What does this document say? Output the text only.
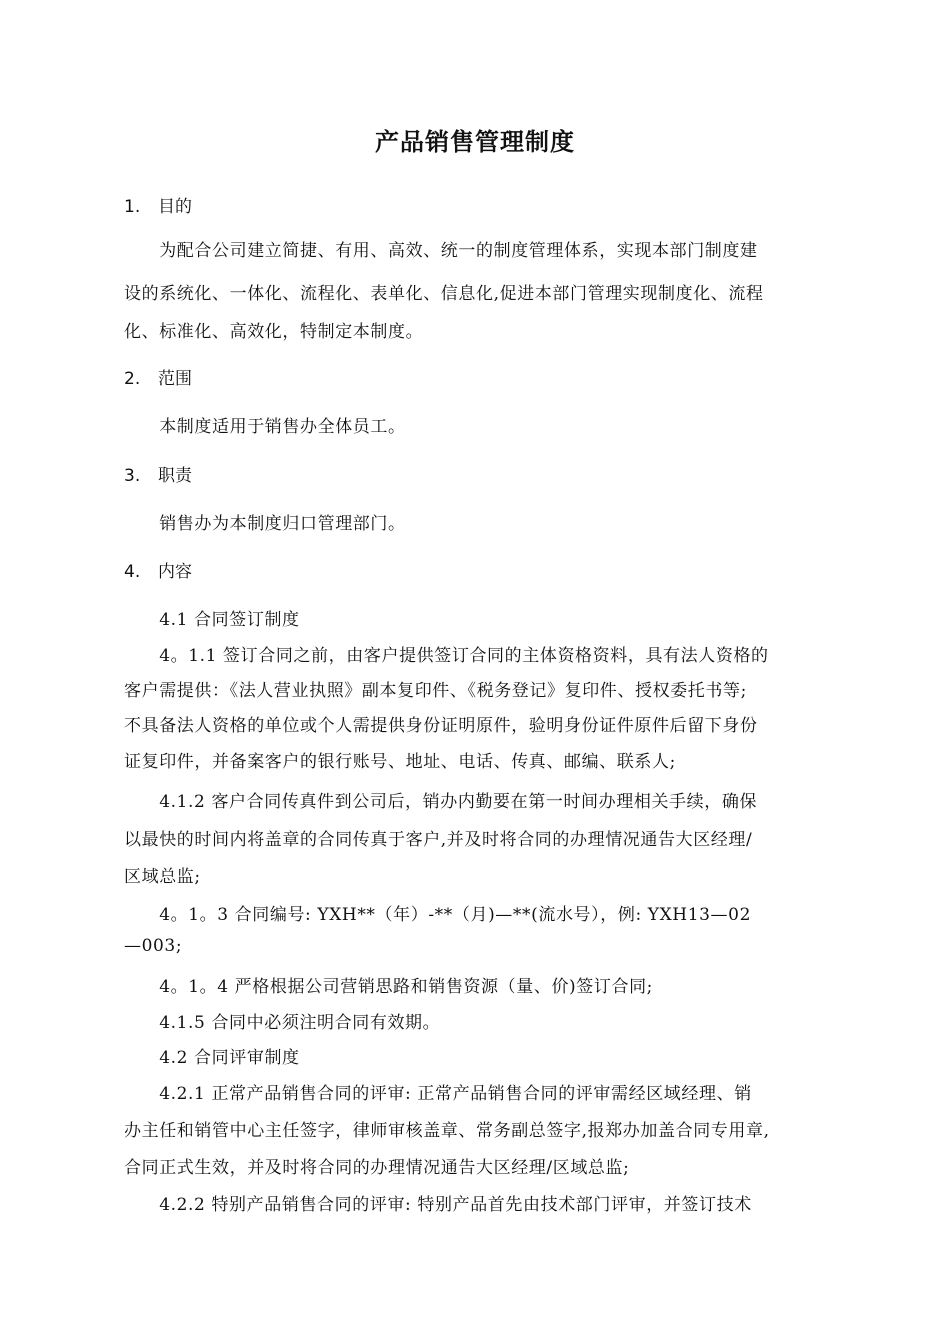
产品销售管理制度
1. 目的
　　为配合公司建立简捷、有用、高效、统一的制度管理体系，实现本部门制度建
设的系统化、一体化、流程化、表单化、信息化,促进本部门管理实现制度化、流程
化、标准化、高效化，特制定本制度。
2. 范围
　　本制度适用于销售办全体员工。
3. 职责
　　销售办为本制度归口管理部门。
4. 内容
　　4.1 合同签订制度
　　4。1.1 签订合同之前，由客户提供签订合同的主体资格资料，具有法人资格的
客户需提供：《法人营业执照》副本复印件、《税务登记》复印件、授权委托书等;
不具备法人资格的单位或个人需提供身份证明原件，验明身份证件原件后留下身份
证复印件，并备案客户的银行账号、地址、电话、传真、邮编、联系人;
　　4.1.2 客户合同传真件到公司后，销办内勤要在第一时间办理相关手续，确保
以最快的时间内将盖章的合同传真于客户,并及时将合同的办理情况通告大区经理/
区域总监;
　　4。1。3 合同编号: YXH**（年）-**（月)—**(流水号），例: YXH13—02
—003;
　　4。1。4 严格根据公司营销思路和销售资源（量、价)签订合同;
　　4.1.5 合同中必须注明合同有效期。
　　4.2 合同评审制度
　　4.2.1 正常产品销售合同的评审: 正常产品销售合同的评审需经区域经理、销
办主任和销管中心主任签字，律师审核盖章、常务副总签字,报郑办加盖合同专用章,
合同正式生效，并及时将合同的办理情况通告大区经理/区域总监;
　　4.2.2 特别产品销售合同的评审: 特别产品首先由技术部门评审，并签订技术
